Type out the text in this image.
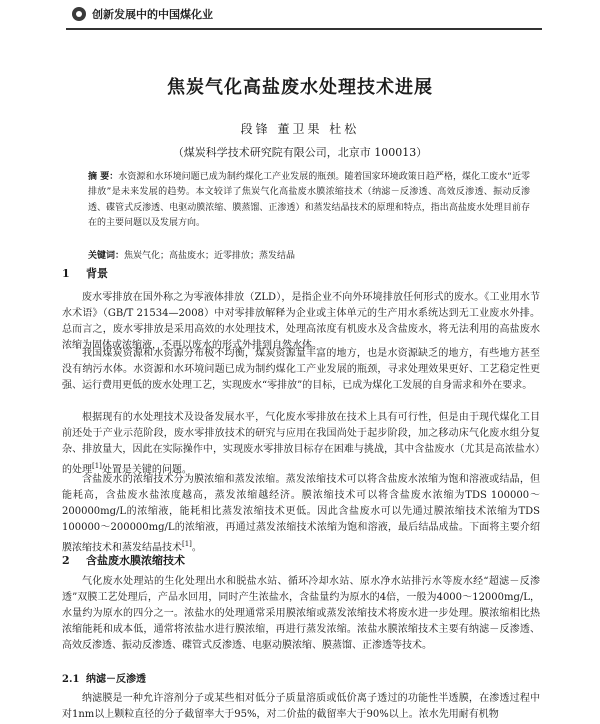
创新发展中的中国煤化业
焦炭气化高盐废水处理技术进展
段锋 董卫果 杜松
（煤炭科学技术研究院有限公司，北京市 100013）
摘 要：水资源和水环境问题已成为制约煤化工产业发展的瓶颈。随着国家环境政策日趋严格，煤化工废水“近零排放”是未来发展的趋势。本文较详了焦炭气化高盐废水膜浓缩技术（纳滤－反渗透、高效反渗透、振动反渗透、碟管式反渗透、电驱动膜浓缩、膜蒸馏、正渗透）和蒸发结晶技术的原理和特点，指出高盐废水处理目前存在的主要问题以及发展方向。
关键词：焦炭气化；高盐废水；近零排放；蒸发结晶
1 背景
废水零排放在国外称之为零液体排放（ZLD），是指企业不向外环境排放任何形式的废水。《工业用水节水术语》（GB/T 21534—2008）中对零排放解释为企业或主体单元的生产用水系统达到无工业废水外排。总而言之，废水零排放是采用高效的水处理技术，处理高浓度有机废水及含盐废水，将无法利用的高盐废水浓缩为固体或浓缩液，不再以废水的形式外排到自然水体。
我国煤炭资源和水资源分布极不均衡，煤炭资源量丰富的地方，也是水资源缺乏的地方，有些地方甚至没有纳污水体。水资源和水环境问题已成为制约煤化工产业发展的瓶颈，寻求处理效果更好、工艺稳定性更强、运行费用更低的废水处理工艺，实现废水“零排放”的目标，已成为煤化工发展的自身需求和外在要求。
根据现有的水处理技术及设备发展水平，气化废水零排放在技术上具有可行性，但是由于现代煤化工目前还处于产业示范阶段，废水零排放技术的研究与应用在我国尚处于起步阶段，加之移动床气化废水组分复杂、排放量大，因此在实际操作中，实现废水零排放目标存在困难与挑战，其中含盐废水（尤其是高浓盐水）的处理[1]处置是关键的问题。
含盐废水的浓缩技术分为膜浓缩和蒸发浓缩。蒸发浓缩技术可以将含盐废水浓缩为饱和溶液或结晶，但能耗高，含盐废水盐浓度越高，蒸发浓缩越经济。膜浓缩技术可以将含盐废水浓缩为TDS 100000～200000mg/L的浓缩液，能耗相比蒸发浓缩技术更低。因此含盐废水可以先通过膜浓缩技术浓缩为TDS 100000～200000mg/L的浓缩液，再通过蒸发浓缩技术浓缩为饱和溶液，最后结晶成盐。下面将主要介绍膜浓缩技术和蒸发结晶技术[1]。
2 含盐废水膜浓缩技术
气化废水处理站的生化处理出水和脱盐水站、循环冷却水站、原水净水站排污水等废水经“超滤－反渗透”双膜工艺处理后，产品水回用，同时产生浓盐水，含盐量约为原水的4倍，一般为4000～12000mg/L，水量约为原水的四分之一。浓盐水的处理通常采用膜浓缩或蒸发浓缩技术将废水进一步处理。膜浓缩相比热浓缩能耗和成本低，通常将浓盐水进行膜浓缩，再进行蒸发浓缩。浓盐水膜浓缩技术主要有纳滤－反渗透、高效反渗透、振动反渗透、碟管式反渗透、电驱动膜浓缩、膜蒸馏、正渗透等技术。
2.1 纳滤－反渗透
纳滤膜是一种允许溶剂分子或某些相对低分子质量溶质或低价离子透过的功能性半透膜，在渗透过程中对1nm以上颗粒直径的分子截留率大于95%，对二价盐的截留率大于90%以上。浓水先用耐有机物
